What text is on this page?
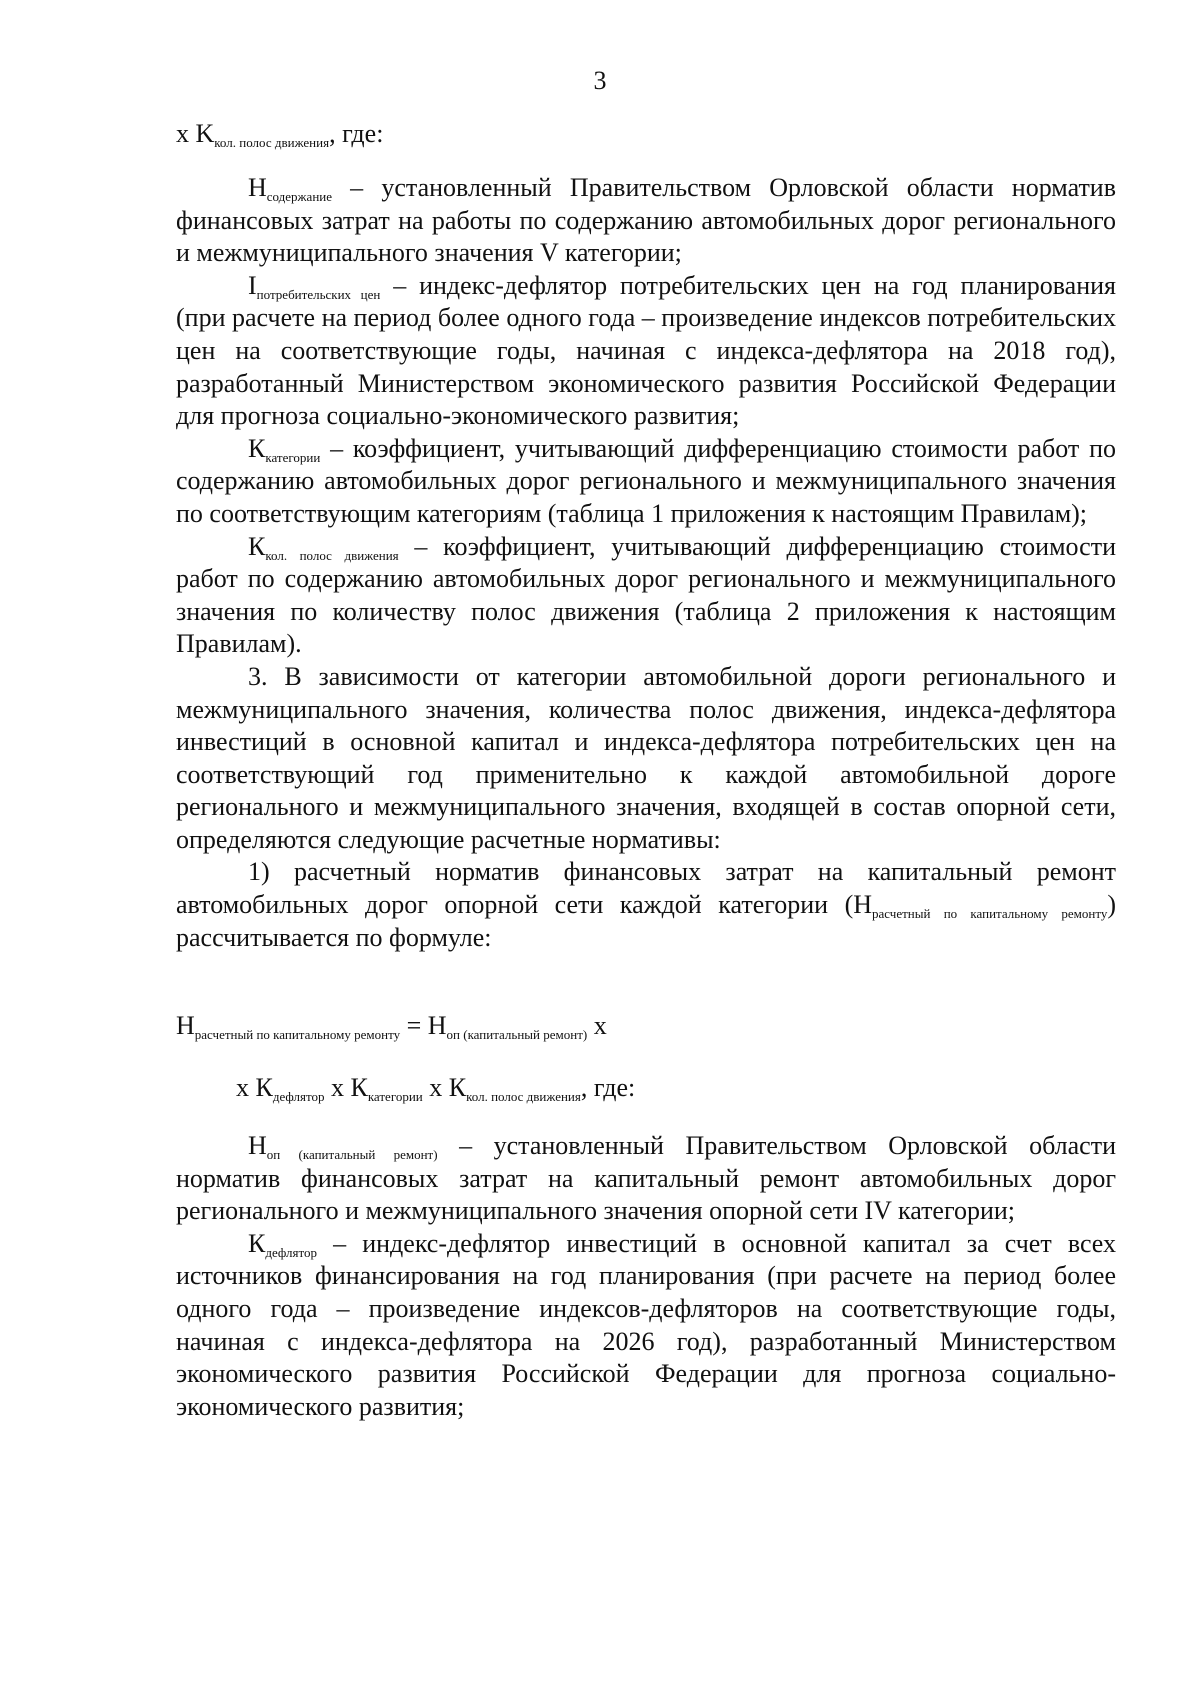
3

x $K_{кол. полос движения}$, где:

$Н_{содержание}$ – установленный Правительством Орловской области норматив финансовых затрат на работы по содержанию автомобильных дорог регионального и межмуниципального значения V категории;

$I_{потребительских цен}$ – индекс-дефлятор потребительских цен на год планирования (при расчете на период более одного года – произведение индексов потребительских цен на соответствующие годы, начиная с индекса-дефлятора на 2018 год), разработанный Министерством экономического развития Российской Федерации для прогноза социально-экономического развития;

$К_{категории}$ – коэффициент, учитывающий дифференциацию стоимости работ по содержанию автомобильных дорог регионального и межмуниципального значения по соответствующим категориям (таблица 1 приложения к настоящим Правилам);

$К_{кол. полос движения}$ – коэффициент, учитывающий дифференциацию стоимости работ по содержанию автомобильных дорог регионального и межмуниципального значения по количеству полос движения (таблица 2 приложения к настоящим Правилам).

3. В зависимости от категории автомобильной дороги регионального и межмуниципального значения, количества полос движения, индекса-дефлятора инвестиций в основной капитал и индекса-дефлятора потребительских цен на соответствующий год применительно к каждой автомобильной дороге регионального и межмуниципального значения, входящей в состав опорной сети, определяются следующие расчетные нормативы:

1) расчетный норматив финансовых затрат на капитальный ремонт автомобильных дорог опорной сети каждой категории $(Н_{расчетный по капитальному ремонту})$ рассчитывается по формуле:

$Н_{расчетный по капитальному ремонту} = Н_{оп (капитальный ремонт)}$ x

x $К_{дефлятор}$ x $К_{категории}$ x $К_{кол. полос движения}$, где:

$Н_{оп (капитальный ремонт)}$ – установленный Правительством Орловской области норматив финансовых затрат на капитальный ремонт автомобильных дорог регионального и межмуниципального значения опорной сети IV категории;

$К_{дефлятор}$ – индекс-дефлятор инвестиций в основной капитал за счет всех источников финансирования на год планирования (при расчете на период более одного года – произведение индексов-дефляторов на соответствующие годы, начиная с индекса-дефлятора на 2026 год), разработанный Министерством экономического развития Российской Федерации для прогноза социально-экономического развития;
